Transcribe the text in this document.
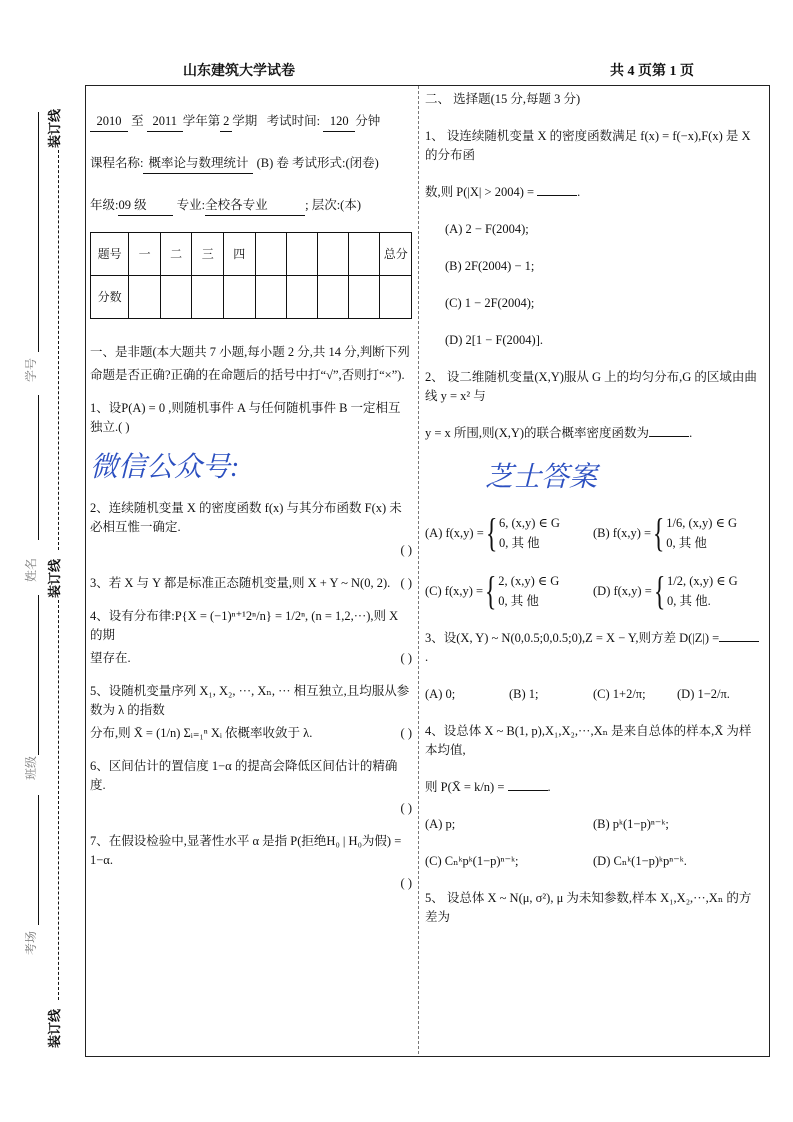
山东建筑大学试卷	共 4 页第 1 页
装订线
装订线
装订线
学号
姓名
班级
考场
2010 至 2011 学年第 2 学期 考试时间: 120 分钟
课程名称: 概率论与数理统计 (B) 卷 考试形式:(闭卷)
年级:09 级 专业:全校各专业	; 层次:(本)
题号	一	二	三	四					总分
分数									
一、是非题(本大题共 7 小题,每小题 2 分,共 14 分,判断下列
命题是否正确?正确的在命题后的括号中打“√”,否则打“×”).
1、设P(A) = 0 ,则随机事件 A 与任何随机事件 B 一定相互独立.( )
微信公众号:
2、连续随机变量 X 的密度函数 f(x) 与其分布函数 F(x) 未必相互惟一确定.
( )
3、若 X 与 Y 都是标准正态随机变量,则 X + Y ~ N(0, 2). ( )
4、设有分布律:P{X = (−1)ⁿ⁺¹2ⁿ/n} = 1/2ⁿ, (n = 1,2,···),则 X 的期
望存在.	( )
5、设随机变量序列 X₁, X₂, ···, Xₙ, ··· 相互独立,且均服从参数为 λ 的指数
分布,则 X̄ = (1/n) Σᵢ₌₁ⁿ Xᵢ 依概率收敛于 λ.	( )
6、区间估计的置信度 1−α 的提高会降低区间估计的精确度.
( )
7、在假设检验中,显著性水平 α 是指 P(拒绝H₀ | H₀为假) = 1−α.
( )
二、 选择题(15 分,每题 3 分)
1、 设连续随机变量 X 的密度函数满足 f(x) = f(−x),F(x) 是 X 的分布函
数,则 P(|X| > 2004) =	.
(A) 2 − F(2004);
(B) 2F(2004) − 1;
(C) 1 − 2F(2004);
(D) 2[1 − F(2004)].
2、 设二维随机变量(X,Y)服从 G 上的均匀分布,G 的区域由曲线 y = x² 与
y = x 所围,则(X,Y)的联合概率密度函数为	.
芝士答案
(A) f(x,y) = { 6, (x,y) ∈ G
0, 其 他
(B) f(x,y) = { 1/6, (x,y) ∈ G
0, 其 他
(C) f(x,y) = { 2, (x,y) ∈ G
0, 其 他
(D) f(x,y) = { 1/2, (x,y) ∈ G
0, 其 他.
3、设(X, Y) ~ N(0,0.5;0,0.5;0),Z = X − Y,则方差 D(|Z|) =.
(A) 0;	(B) 1;	(C) 1+2/π;	(D) 1−2/π.
4、设总体 X ~ B(1, p),X₁,X₂,···,Xₙ 是来自总体的样本,X̄ 为样本均值,
则 P(X̄ = k/n) =	.
(A) p;	(B) pᵏ(1−p)ⁿ⁻ᵏ;
(C) Cₙᵏpᵏ(1−p)ⁿ⁻ᵏ;	(D) Cₙᵏ(1−p)ᵏpⁿ⁻ᵏ.
5、 设总体 X ~ N(μ, σ²), μ 为未知参数,样本 X₁,X₂,···,Xₙ 的方差为
